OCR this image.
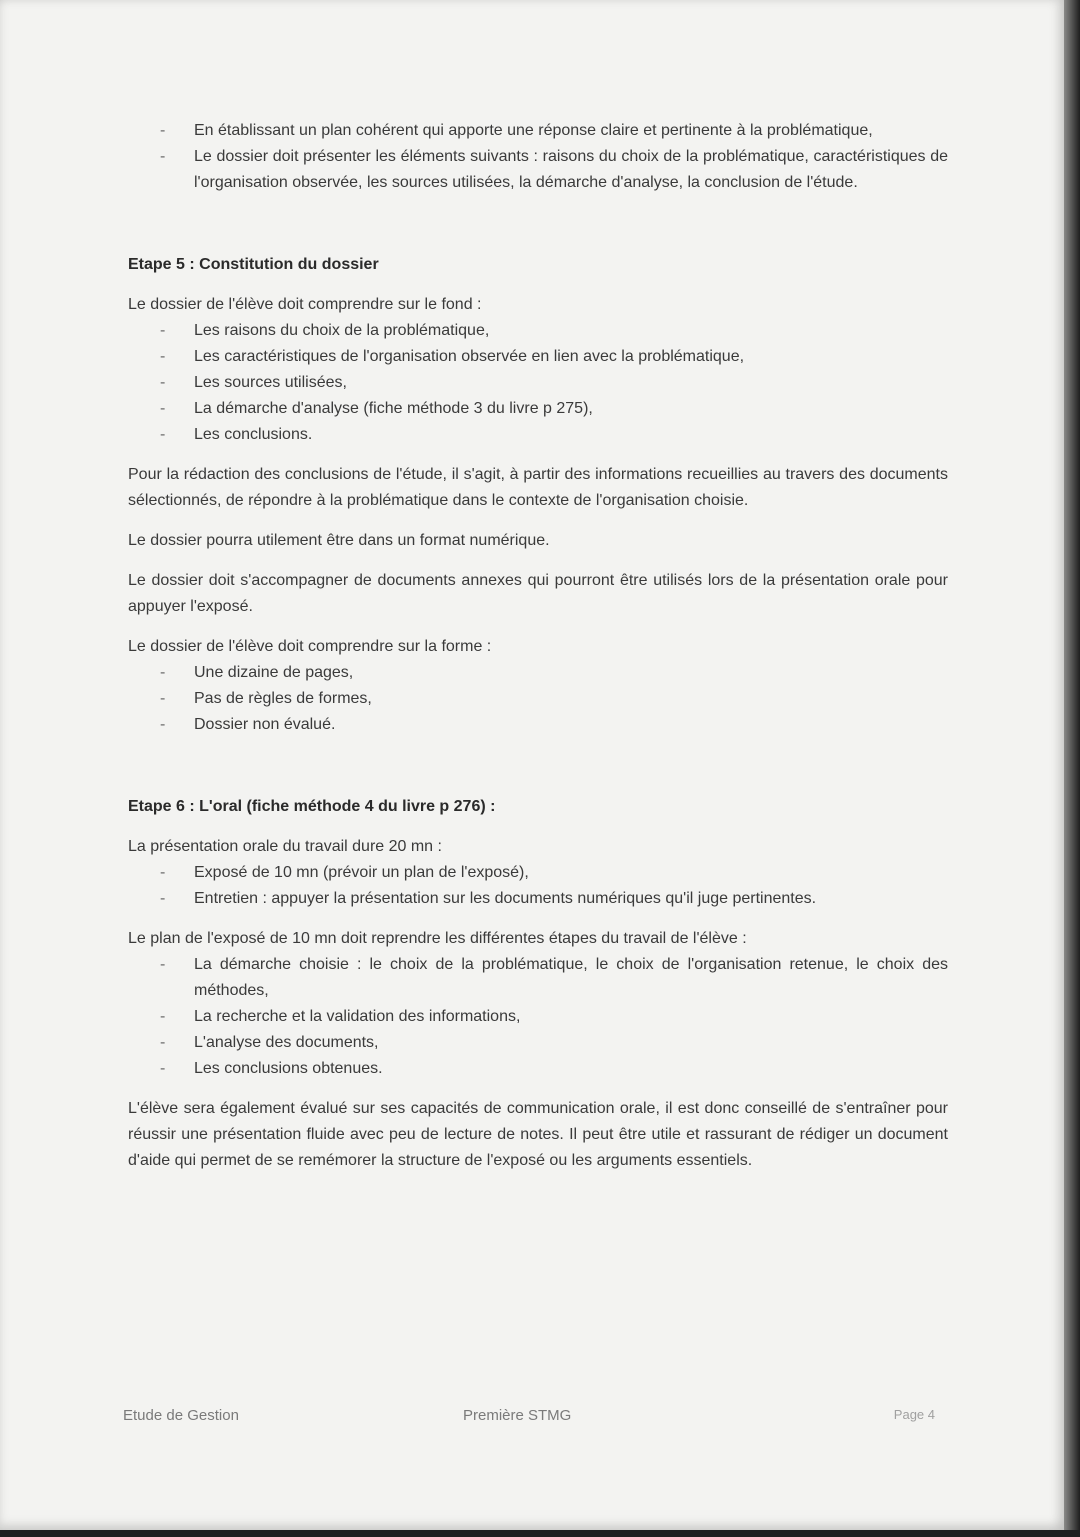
- En établissant un plan cohérent qui apporte une réponse claire et pertinente à la problématique,
- Le dossier doit présenter les éléments suivants : raisons du choix de la problématique, caractéristiques de l'organisation observée, les sources utilisées, la démarche d'analyse, la conclusion de l'étude.

Etape 5 : Constitution du dossier

Le dossier de l'élève doit comprendre sur le fond :

- Les raisons du choix de la problématique,
- Les caractéristiques de l'organisation observée en lien avec la problématique,
- Les sources utilisées,
- La démarche d'analyse (fiche méthode 3 du livre p 275),
- Les conclusions.

Pour la rédaction des conclusions de l'étude, il s'agit, à partir des informations recueillies au travers des documents sélectionnés, de répondre à la problématique dans le contexte de l'organisation choisie.

Le dossier pourra utilement être dans un format numérique.

Le dossier doit s'accompagner de documents annexes qui pourront être utilisés lors de la présentation orale pour appuyer l'exposé.

Le dossier de l'élève doit comprendre sur la forme :

- Une dizaine de pages,
- Pas de règles de formes,
- Dossier non évalué.

Etape 6 : L'oral (fiche méthode 4 du livre p 276) :

La présentation orale du travail dure 20 mn :

- Exposé de 10 mn (prévoir un plan de l'exposé),
- Entretien : appuyer la présentation sur les documents numériques qu'il juge pertinentes.

Le plan de l'exposé de 10 mn doit reprendre les différentes étapes du travail de l'élève :

- La démarche choisie : le choix de la problématique, le choix de l'organisation retenue, le choix des méthodes,
- La recherche et la validation des informations,
- L'analyse des documents,
- Les conclusions obtenues.

L'élève sera également évalué sur ses capacités de communication orale, il est donc conseillé de s'entraîner pour réussir une présentation fluide avec peu de lecture de notes. Il peut être utile et rassurant de rédiger un document d'aide qui permet de se remémorer la structure de l'exposé ou les arguments essentiels.

Etude de Gestion	Première STMG	Page 4
